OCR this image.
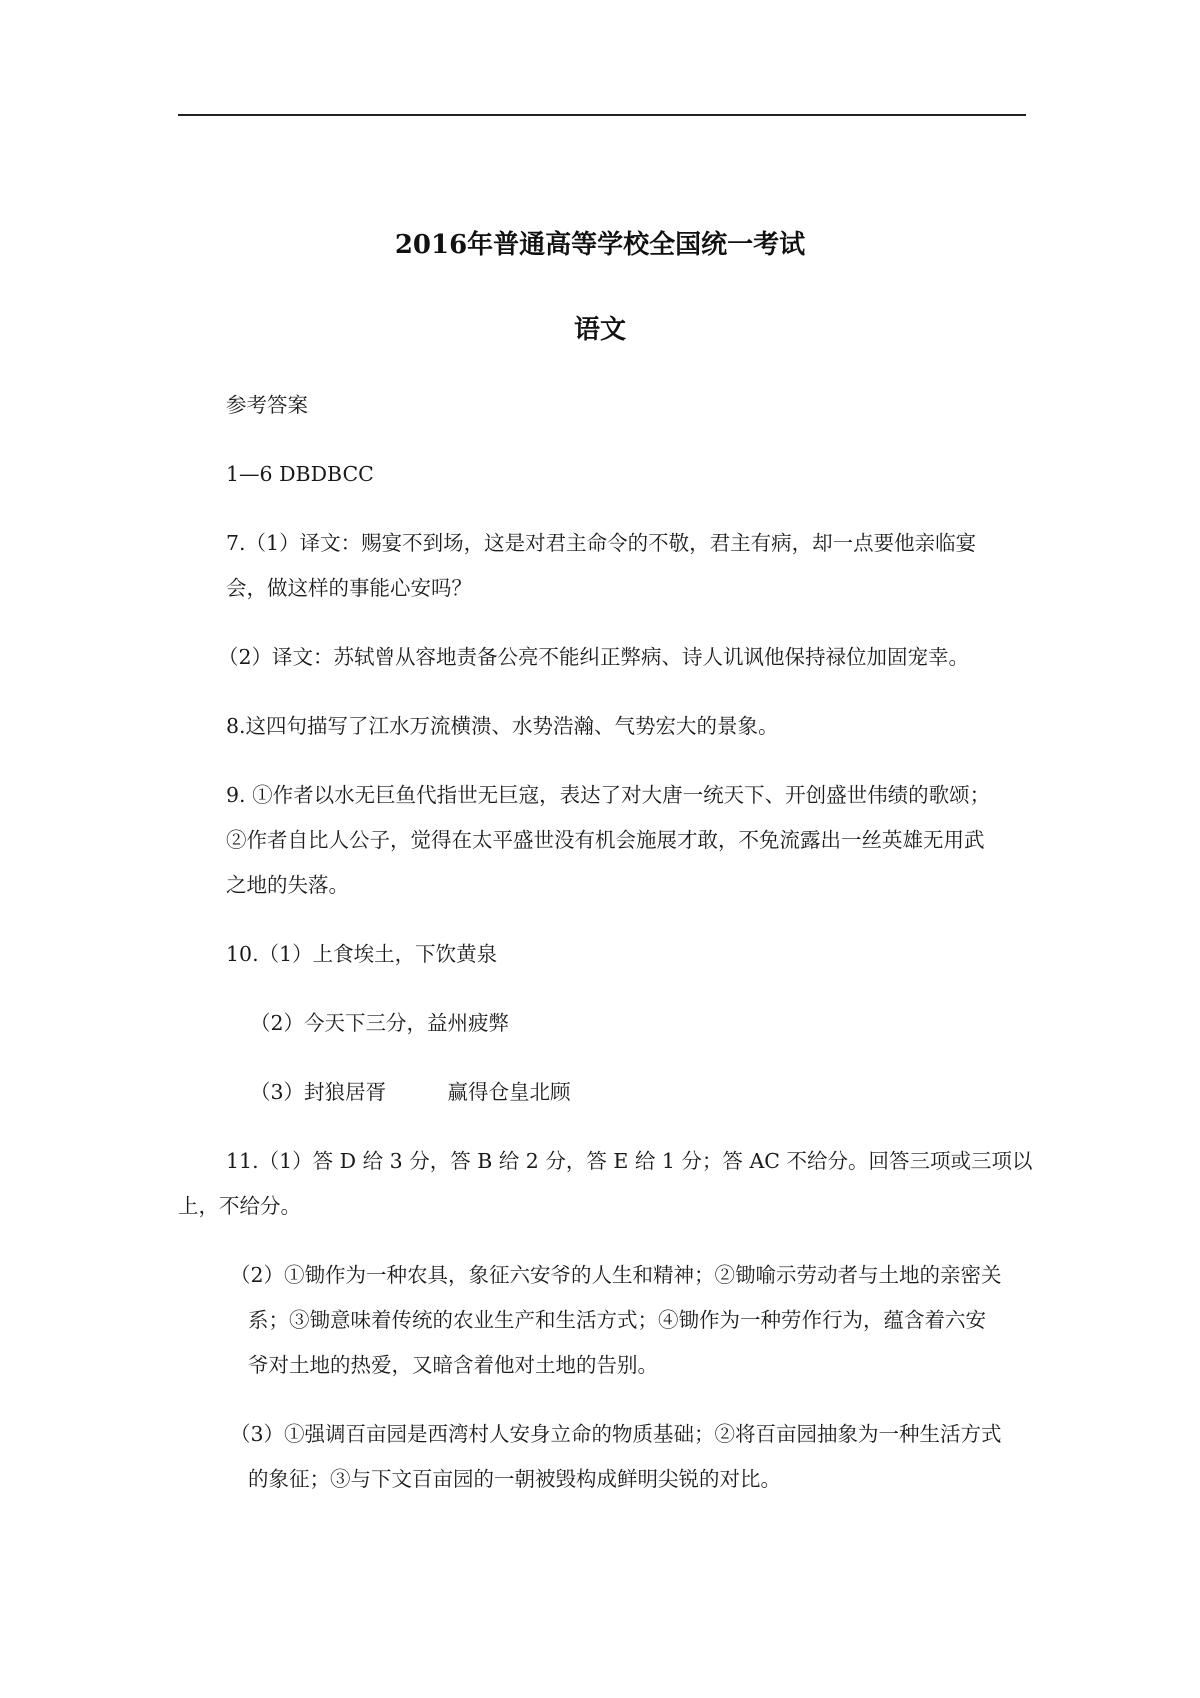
2016年普通高等学校全国统一考试
语文
参考答案
1—6 DBDBCC
7.（1）译文：赐宴不到场，这是对君主命令的不敬，君主有病，却一点要他亲临宴
会，做这样的事能心安吗？
（2）译文：苏轼曾从容地责备公亮不能纠正弊病、诗人讥讽他保持禄位加固宠幸。
8.这四句描写了江水万流横溃、水势浩瀚、气势宏大的景象。
9. ①作者以水无巨鱼代指世无巨寇，表达了对大唐一统天下、开创盛世伟绩的歌颂；
②作者自比人公子，觉得在太平盛世没有机会施展才敢，不免流露出一丝英雄无用武
之地的失落。
10.（1）上食埃土，下饮黄泉
（2）今天下三分，益州疲弊
（3）封狼居胥　　　赢得仓皇北顾
11.（1）答 D 给 3 分，答 B 给 2 分，答 E 给 1 分；答 AC 不给分。回答三项或三项以
上，不给分。
（2）①锄作为一种农具，象征六安爷的人生和精神；②锄喻示劳动者与土地的亲密关
系；③锄意味着传统的农业生产和生活方式；④锄作为一种劳作行为，蕴含着六安
爷对土地的热爱，又暗含着他对土地的告别。
（3）①强调百亩园是西湾村人安身立命的物质基础；②将百亩园抽象为一种生活方式
的象征；③与下文百亩园的一朝被毁构成鲜明尖锐的对比。
